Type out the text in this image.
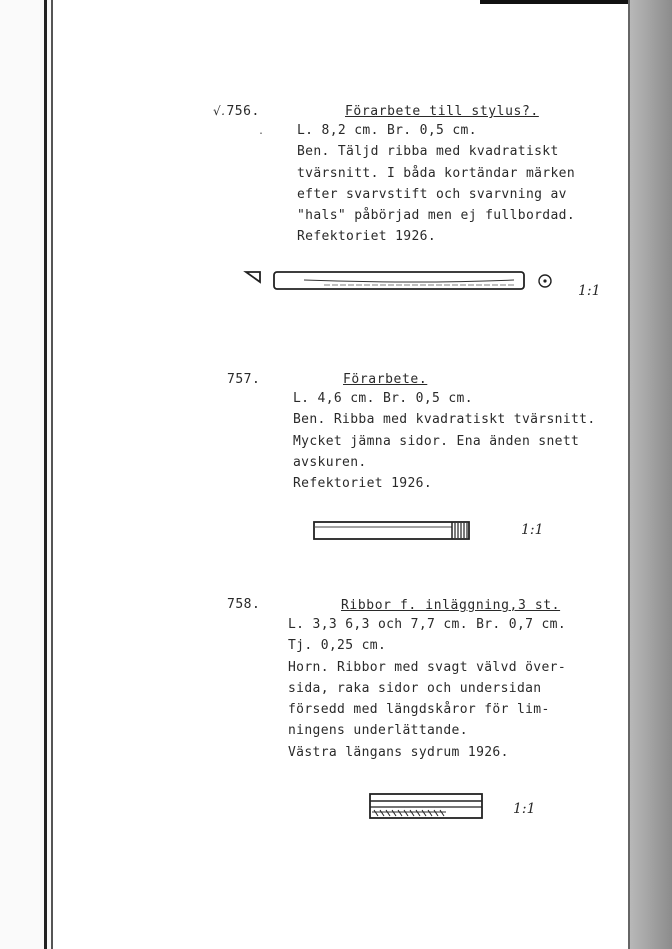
√.756.
.
Förarbete till stylus?.
L. 8,2 cm. Br. 0,5 cm.
Ben. Täljd ribba med kvadratiskt
tvärsnitt. I båda kortändar märken
efter svarvstift och svarvning av
"hals" påbörjad men ej fullbordad.
Refektoriet 1926.
1:1
757.	Förarbete.
L. 4,6 cm. Br. 0,5 cm.
Ben. Ribba med kvadratiskt tvärsnitt.
Mycket jämna sidor. Ena änden snett
avskuren.
Refektoriet 1926.
1:1
758.	Ribbor f. inläggning,3 st.
L. 3,3 6,3 och 7,7 cm. Br. 0,7 cm.
Tj. 0,25 cm.
Horn. Ribbor med svagt välvd över-
sida, raka sidor och undersidan
försedd med längdskåror för lim-
ningens underlättande.
Västra längans sydrum 1926.
1:1
